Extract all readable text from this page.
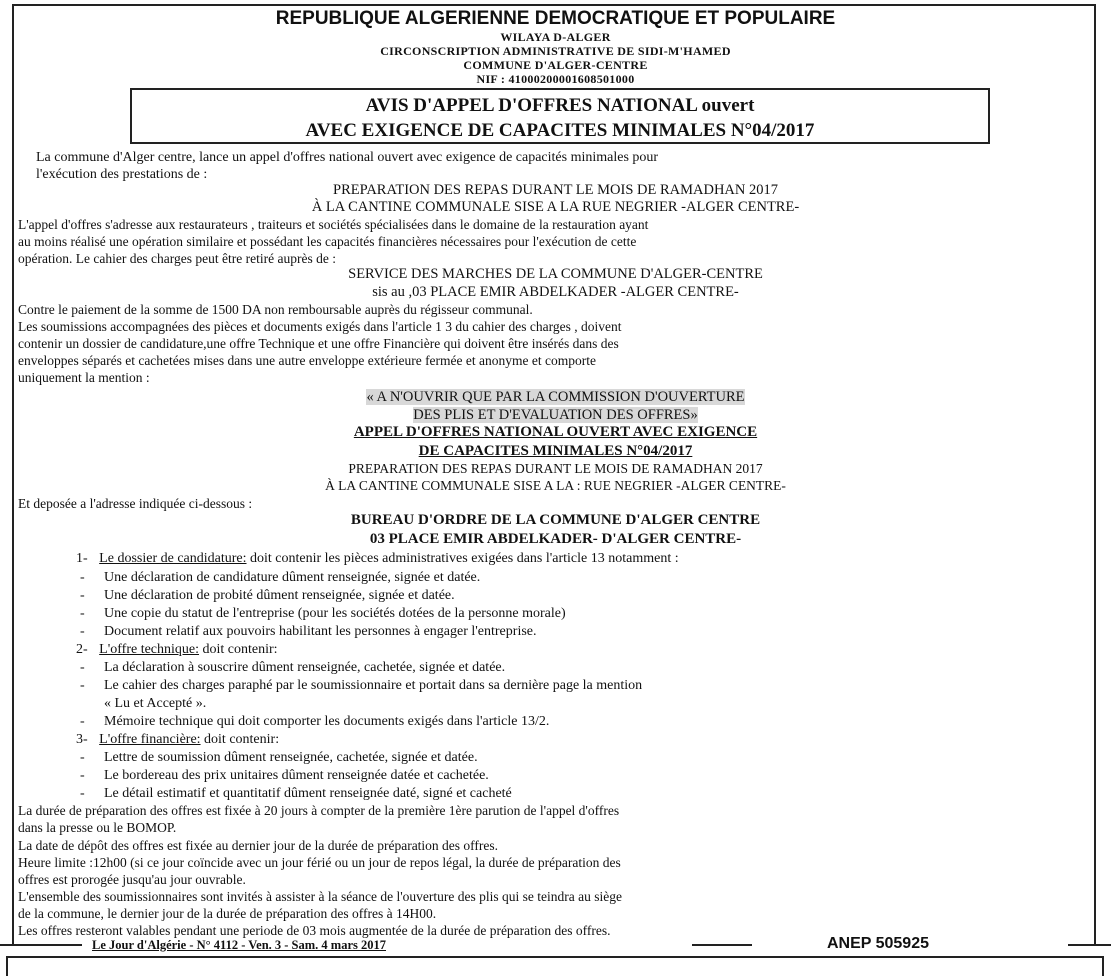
REPUBLIQUE ALGERIENNE DEMOCRATIQUE ET POPULAIRE
WILAYA D-ALGER
CIRCONSCRIPTION ADMINISTRATIVE DE SIDI-M'HAMED
COMMUNE D'ALGER-CENTRE
NIF : 41000200001608501000
AVIS D'APPEL D'OFFRES NATIONAL ouvert
AVEC EXIGENCE DE CAPACITES MINIMALES N°04/2017
La commune d'Alger centre, lance un appel d'offres national ouvert avec exigence de capacités minimales pour
l'exécution des prestations de :
PREPARATION DES REPAS DURANT LE MOIS DE RAMADHAN 2017
À LA CANTINE COMMUNALE SISE A LA RUE NEGRIER -ALGER CENTRE-
L'appel d'offres s'adresse aux restaurateurs , traiteurs et sociétés spécialisées dans le domaine de la restauration ayant
au moins réalisé une opération similaire et possédant les capacités financières nécessaires pour l'exécution de cette
opération. Le cahier des charges peut être retiré auprès de :
SERVICE DES MARCHES DE LA COMMUNE D'ALGER-CENTRE
sis au ,03 PLACE EMIR ABDELKADER -ALGER CENTRE-
Contre le paiement de la somme de 1500 DA non remboursable auprès du régisseur communal.
Les soumissions accompagnées des pièces et documents exigés dans l'article 1 3 du cahier des charges , doivent
contenir un dossier de candidature,une offre Technique et une offre Financière qui doivent être insérés dans des
enveloppes séparés et cachetées mises dans une autre enveloppe extérieure fermée et anonyme et comporte
uniquement la mention :
« A N'OUVRIR QUE PAR LA COMMISSION D'OUVERTURE
DES PLIS ET D'EVALUATION DES OFFRES»
APPEL D'OFFRES NATIONAL OUVERT AVEC EXIGENCE
DE CAPACITES MINIMALES N°04/2017
PREPARATION DES REPAS DURANT LE MOIS DE RAMADHAN 2017
À LA CANTINE COMMUNALE SISE A LA : RUE NEGRIER -ALGER CENTRE-
Et deposée a l'adresse indiquée ci-dessous :
BUREAU D'ORDRE DE LA COMMUNE D'ALGER CENTRE
03 PLACE EMIR ABDELKADER- D'ALGER CENTRE-
1- Le dossier de candidature: doit contenir les pièces administratives exigées dans l'article 13 notamment :
- Une déclaration de candidature dûment renseignée, signée et datée.
- Une déclaration de probité dûment renseignée, signée et datée.
- Une copie du statut de l'entreprise (pour les sociétés dotées de la personne morale)
- Document relatif aux pouvoirs habilitant les personnes à engager l'entreprise.
2- L'offre technique: doit contenir:
- La déclaration à souscrire dûment renseignée, cachetée, signée et datée.
- Le cahier des charges paraphé par le soumissionnaire et portait dans sa dernière page la mention
« Lu et Accepté ».
- Mémoire technique qui doit comporter les documents exigés dans l'article 13/2.
3- L'offre financière: doit contenir:
- Lettre de soumission dûment renseignée, cachetée, signée et datée.
- Le bordereau des prix unitaires dûment renseignée datée et cachetée.
- Le détail estimatif et quantitatif dûment renseignée daté, signé et cacheté
La durée de préparation des offres est fixée à 20 jours à compter de la première 1ère parution de l'appel d'offres
dans la presse ou le BOMOP.
La date de dépôt des offres est fixée au dernier jour de la durée de préparation des offres.
Heure limite :12h00 (si ce jour coïncide avec un jour férié ou un jour de repos légal, la durée de préparation des
offres est prorogée jusqu'au jour ouvrable.
L'ensemble des soumissionnaires sont invités à assister à la séance de l'ouverture des plis qui se teindra au siège
de la commune, le dernier jour de la durée de préparation des offres à 14H00.
Les offres resteront valables pendant une periode de 03 mois augmentée de la durée de préparation des offres.
Le Jour d'Algérie - N° 4112 - Ven. 3 - Sam. 4 mars 2017	ANEP 505925
